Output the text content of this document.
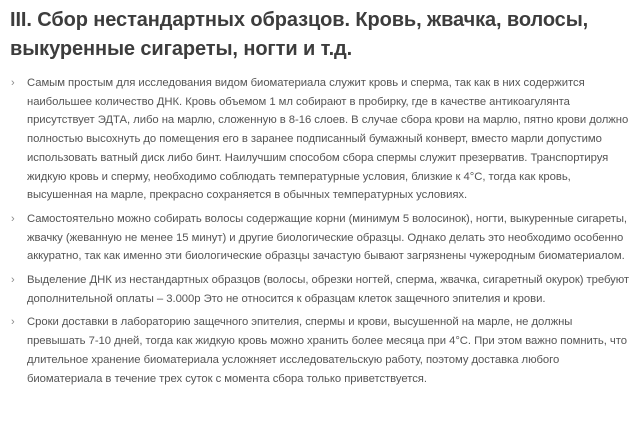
III. Сбор нестандартных образцов. Кровь, жвачка, волосы, выкуренные сигареты, ногти и т.д.
› Самым простым для исследования видом биоматериала служит кровь и сперма, так как в них содержится наибольшее количество ДНК. Кровь объемом 1 мл собирают в пробирку, где в качестве антикоагулянта присутствует ЭДТА, либо на марлю, сложенную в 8-16 слоев. В случае сбора крови на марлю, пятно крови должно полностью высохнуть до помещения его в заранее подписанный бумажный конверт, вместо марли допустимо использовать ватный диск либо бинт. Наилучшим способом сбора спермы служит презерватив. Транспортируя жидкую кровь и сперму, необходимо соблюдать температурные условия, близкие к 4°С, тогда как кровь, высушенная на марле, прекрасно сохраняется в обычных температурных условиях.
› Самостоятельно можно собирать волосы содержащие корни (минимум 5 волосинок), ногти, выкуренные сигареты, жвачку (жеванную не менее 15 минут) и другие биологические образцы. Однако делать это необходимо особенно аккуратно, так как именно эти биологические образцы зачастую бывают загрязнены чужеродным биоматериалом.
› Выделение ДНК из нестандартных образцов (волосы, обрезки ногтей, сперма, жвачка, сигаретный окурок) требуют дополнительной оплаты – 3.000р Это не относится к образцам клеток защечного эпителия и крови.
› Сроки доставки в лабораторию защечного эпителия, спермы и крови, высушенной на марле, не должны превышать 7-10 дней, тогда как жидкую кровь можно хранить более месяца при 4°С. При этом важно помнить, что длительное хранение биоматериала усложняет исследовательскую работу, поэтому доставка любого биоматериала в течение трех суток с момента сбора только приветствуется.
